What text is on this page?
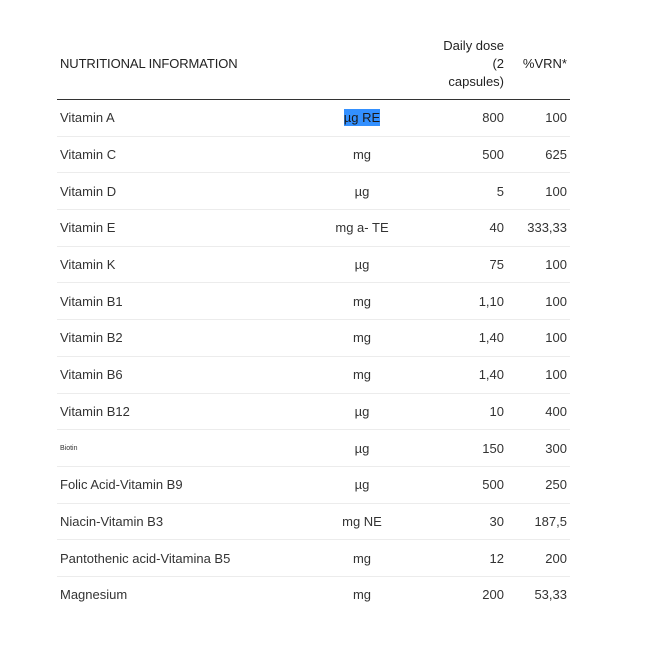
NUTRITIONAL INFORMATION		Daily dose (2 capsules)	%VRN*
Vitamin A	µg RE	800	100
Vitamin C	mg	500	625
Vitamin D	µg	5	100
Vitamin E	mg a- TE	40	333,33
Vitamin K	µg	75	100
Vitamin B1	mg	1,10	100
Vitamin B2	mg	1,40	100
Vitamin B6	mg	1,40	100
Vitamin B12	µg	10	400
Biotin	µg	150	300
Folic Acid-Vitamin B9	µg	500	250
Niacin-Vitamin B3	mg NE	30	187,5
Pantothenic acid-Vitamina B5	mg	12	200
Magnesium	mg	200	53,33
